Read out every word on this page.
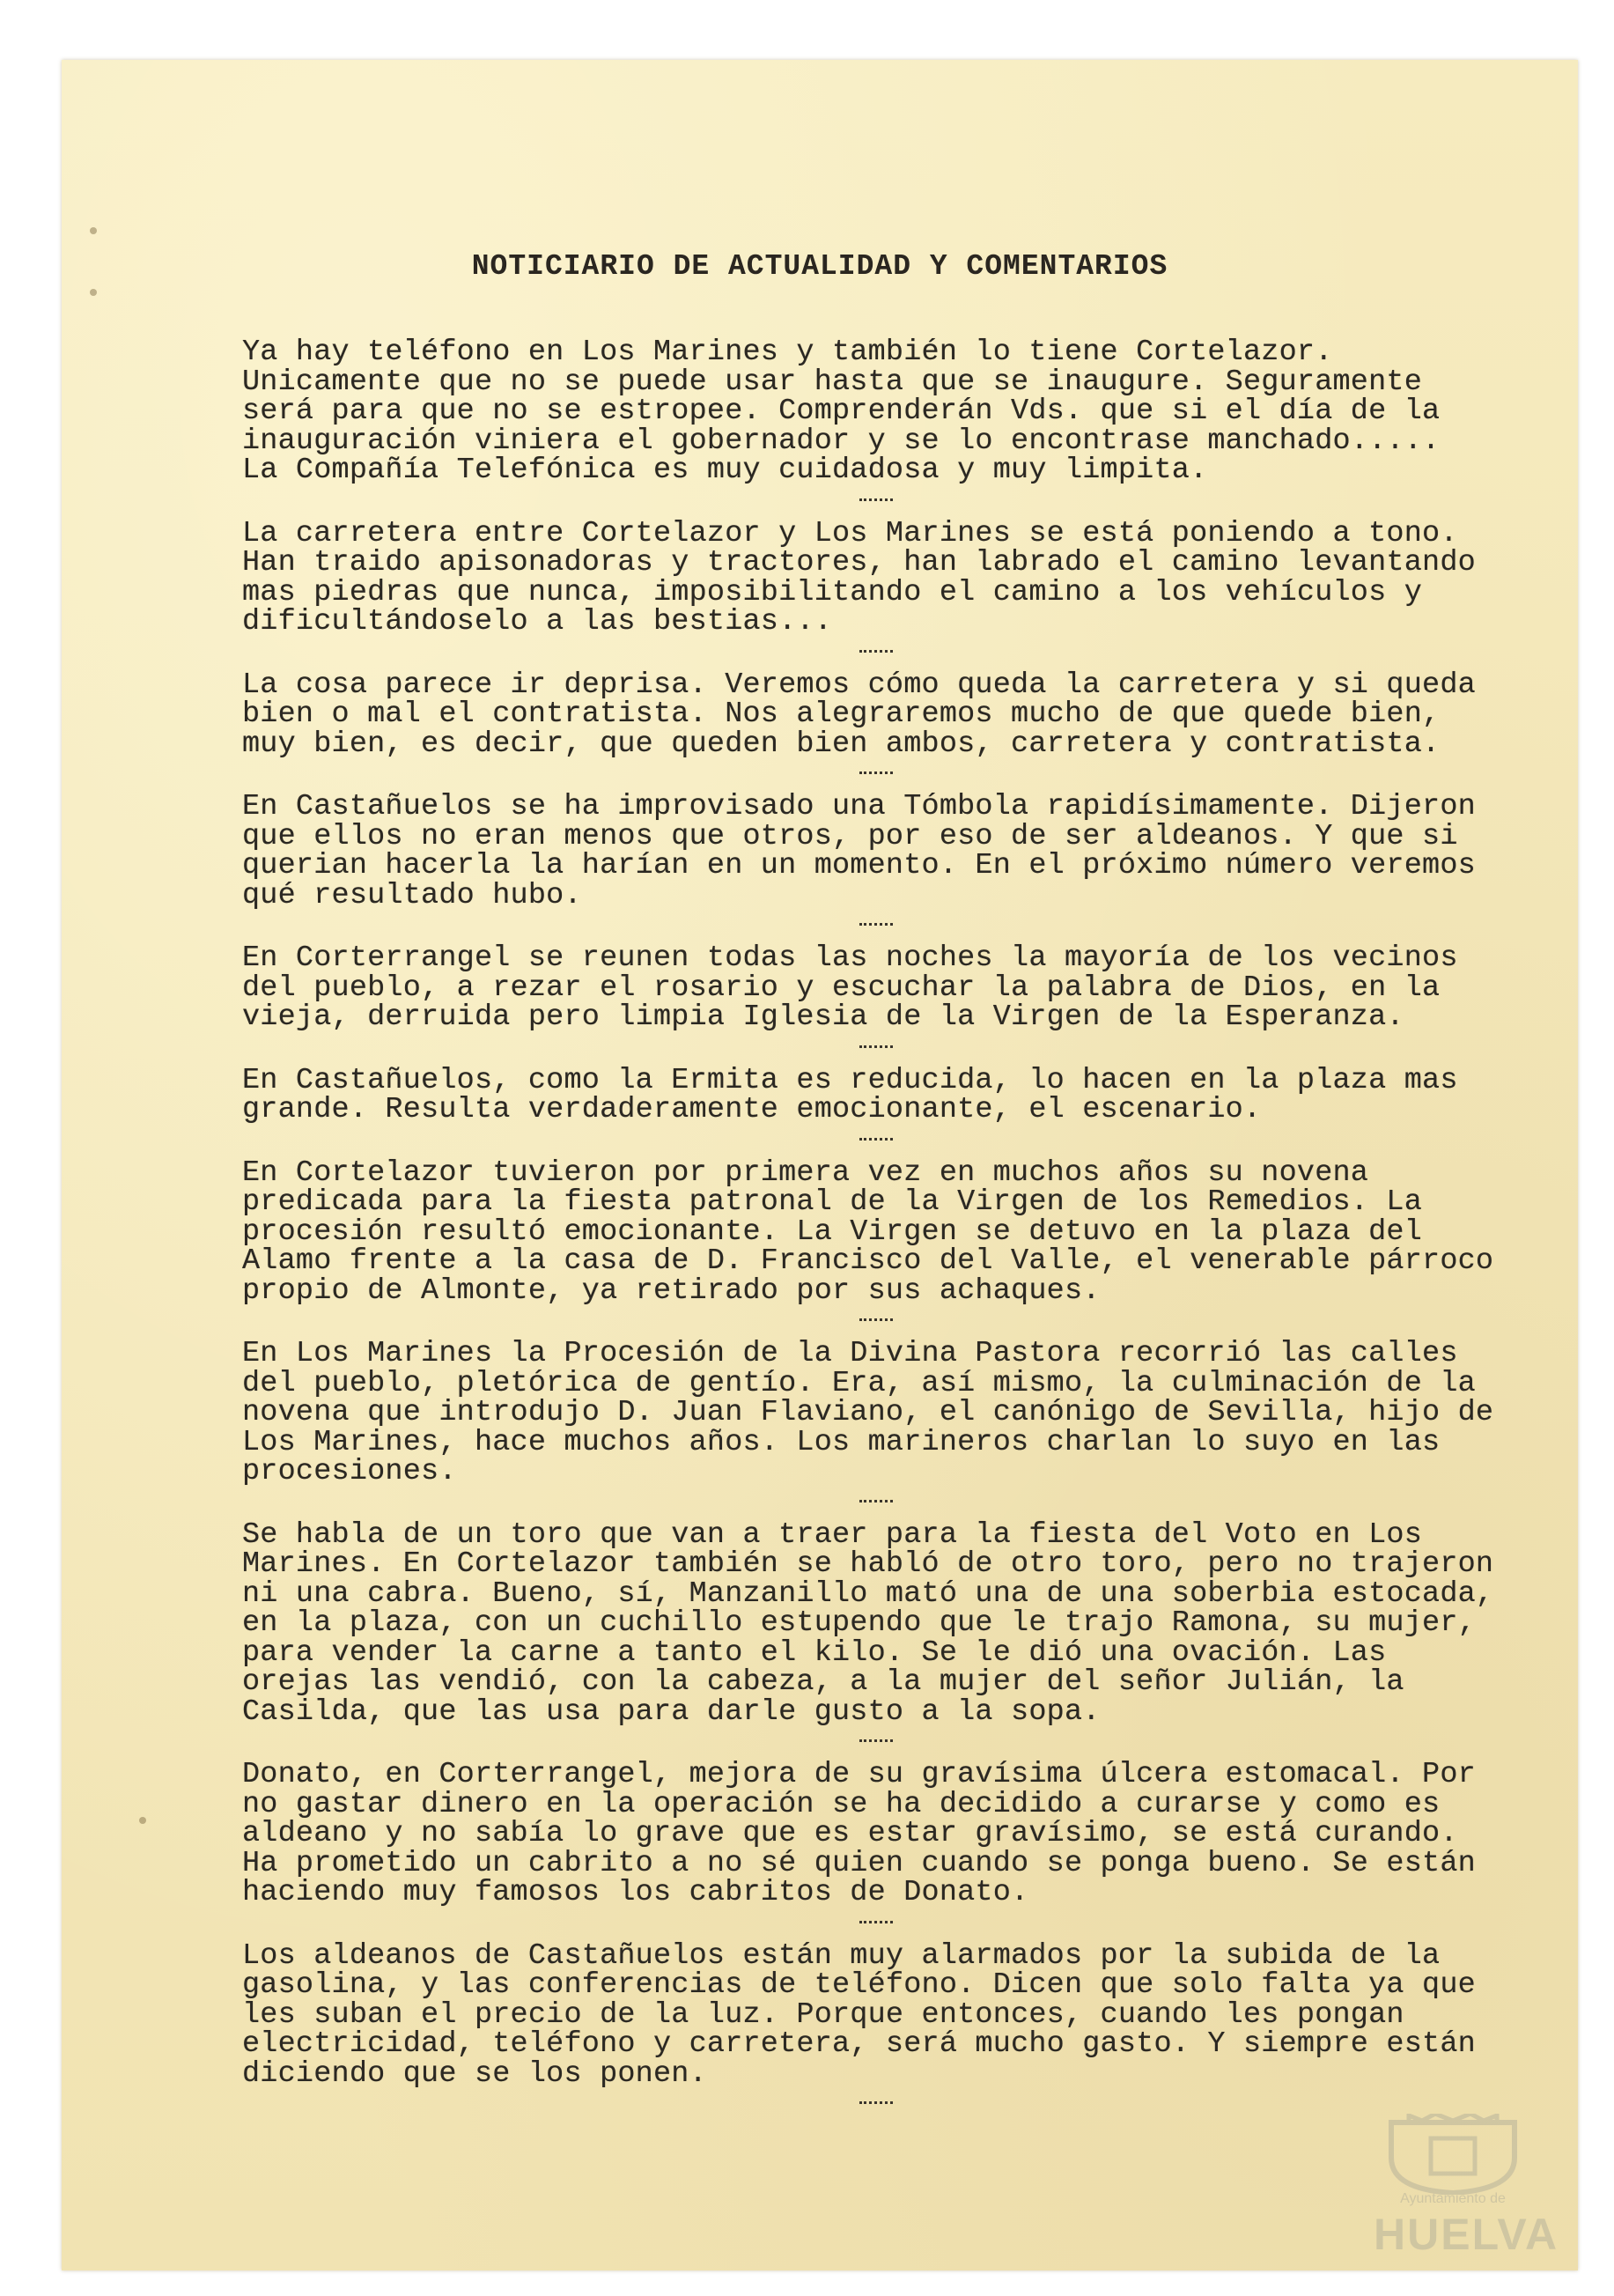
NOTICIARIO DE ACTUALIDAD Y COMENTARIOS

Ya hay teléfono en Los Marines y también lo tiene Cortelazor. Unicamente que no se puede usar hasta que se inaugure. Seguramente será para que no se estropee. Comprenderán Vds. que si el día de la inauguración viniera el gobernador y se lo encontrase manchado.....
La Compañía Telefónica es muy cuidadosa y muy limpita.

La carretera entre Cortelazor y Los Marines se está poniendo a tono. Han traido apisonadoras y tractores, han labrado el camino levantando mas piedras que nunca, imposibilitando el camino a los vehículos y dificultándoselo a las bestias...

La cosa parece ir deprisa. Veremos cómo queda la carretera y si queda bien o mal el contratista. Nos alegraremos mucho de que quede bien, muy bien, es decir, que queden bien ambos, carretera y contratista.

En Castañuelos se ha improvisado una Tómbola rapidísimamente. Dijeron que ellos no eran menos que otros, por eso de ser aldeanos. Y que si querian hacerla la harían en un momento. En el próximo número veremos qué resultado hubo.

En Corterrangel se reunen todas las noches la mayoría de los vecinos del pueblo, a rezar el rosario y escuchar la palabra de Dios, en la vieja, derruida pero limpia Iglesia de la Virgen de la Esperanza.

En Castañuelos, como la Ermita es reducida, lo hacen en la plaza mas grande. Resulta verdaderamente emocionante, el escenario.

En Cortelazor tuvieron por primera vez en muchos años su novena predicada para la fiesta patronal de la Virgen de los Remedios. La procesión resultó emocionante. La Virgen se detuvo en la plaza del Alamo frente a la casa de D. Francisco del Valle, el venerable párroco propio de Almonte, ya retirado por sus achaques.

En Los Marines la Procesión de la Divina Pastora recorrió las calles del pueblo, pletórica de gentío. Era, así mismo, la culminación de la novena que introdujo D. Juan Flaviano, el canónigo de Sevilla, hijo de Los Marines, hace muchos años. Los marineros charlan lo suyo en las procesiones.

Se habla de un toro que van a traer para la fiesta del Voto en Los Marines. En Cortelazor también se habló de otro toro, pero no trajeron ni una cabra. Bueno, sí, Manzanillo mató una de una soberbia estocada, en la plaza, con un cuchillo estupendo que le trajo Ramona, su mujer, para vender la carne a tanto el kilo. Se le dió una ovación. Las orejas las vendió, con la cabeza, a la mujer del señor Julián, la Casilda, que las usa para darle gusto a la sopa.

Donato, en Corterrangel, mejora de su gravísima úlcera estomacal. Por no gastar dinero en la operación se ha decidido a curarse y como es aldeano y no sabía lo grave que es estar gravísimo, se está curando. Ha prometido un cabrito a no sé quien cuando se ponga bueno. Se están haciendo muy famosos los cabritos de Donato.

Los aldeanos de Castañuelos están muy alarmados por la subida de la gasolina, y las conferencias de teléfono. Dicen que solo falta ya que les suban el precio de la luz. Porque entonces, cuando les pongan electricidad, teléfono y carretera, será mucho gasto. Y siempre están diciendo que se los ponen.

Ayuntamiento de
HUELVA
